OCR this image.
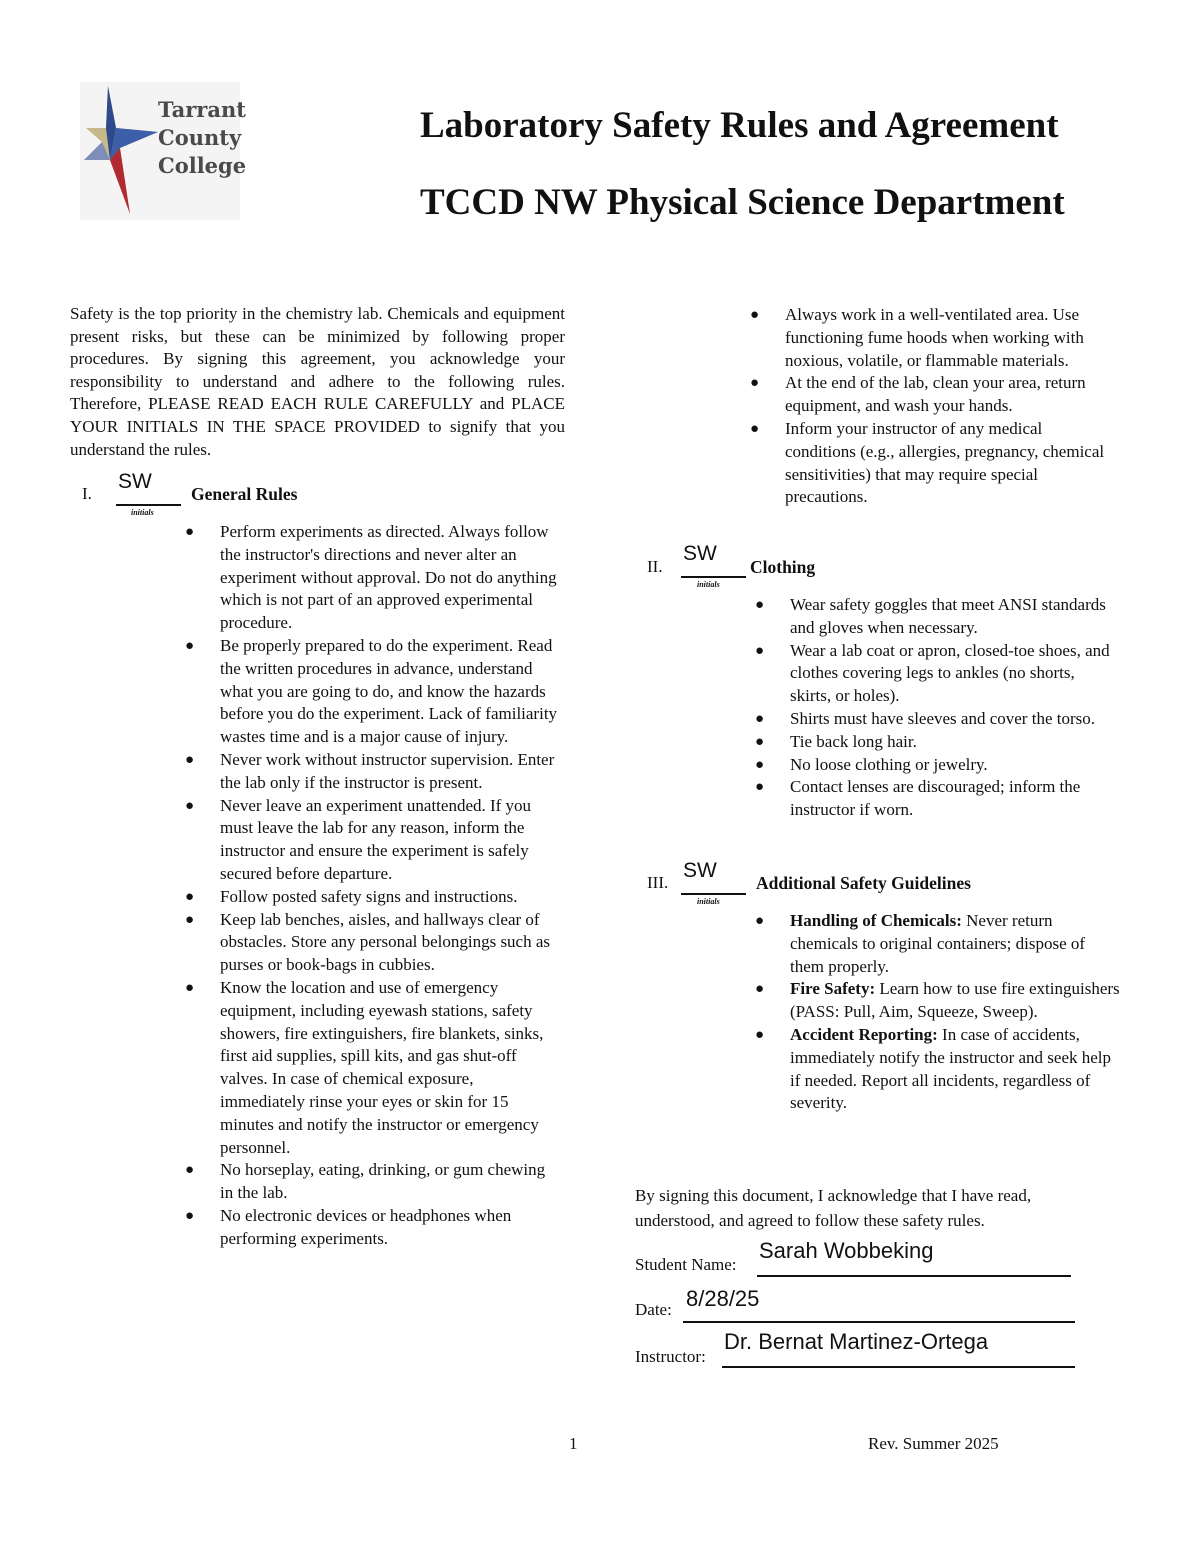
Tarrant
County
College
Laboratory Safety Rules and Agreement
TCCD NW Physical Science Department
Safety is the top priority in the chemistry lab. Chemicals and equipment present risks, but these can be minimized by following proper procedures. By signing this agreement, you acknowledge your responsibility to understand and adhere to the following rules. Therefore, PLEASE READ EACH RULE CAREFULLY and PLACE YOUR INITIALS IN THE SPACE PROVIDED to signify that you understand the rules.
I.
SW
initials
General Rules
● Perform experiments as directed. Always follow the instructor's directions and never alter an experiment without approval. Do not do anything which is not part of an approved experimental procedure.
● Be properly prepared to do the experiment. Read the written procedures in advance, understand what you are going to do, and know the hazards before you do the experiment. Lack of familiarity wastes time and is a major cause of injury.
● Never work without instructor supervision. Enter the lab only if the instructor is present.
● Never leave an experiment unattended. If you must leave the lab for any reason, inform the instructor and ensure the experiment is safely secured before departure.
● Follow posted safety signs and instructions.
● Keep lab benches, aisles, and hallways clear of obstacles. Store any personal belongings such as purses or book-bags in cubbies.
● Know the location and use of emergency equipment, including eyewash stations, safety showers, fire extinguishers, fire blankets, sinks, first aid supplies, spill kits, and gas shut-off valves. In case of chemical exposure, immediately rinse your eyes or skin for 15 minutes and notify the instructor or emergency personnel.
● No horseplay, eating, drinking, or gum chewing in the lab.
● No electronic devices or headphones when performing experiments.
● Always work in a well-ventilated area. Use functioning fume hoods when working with noxious, volatile, or flammable materials.
● At the end of the lab, clean your area, return equipment, and wash your hands.
● Inform your instructor of any medical conditions (e.g., allergies, pregnancy, chemical sensitivities) that may require special precautions.
II.
SW
initials
Clothing
● Wear safety goggles that meet ANSI standards and gloves when necessary.
● Wear a lab coat or apron, closed-toe shoes, and clothes covering legs to ankles (no shorts, skirts, or holes).
● Shirts must have sleeves and cover the torso.
● Tie back long hair.
● No loose clothing or jewelry.
● Contact lenses are discouraged; inform the instructor if worn.
III.
SW
initials
Additional Safety Guidelines
● Handling of Chemicals: Never return chemicals to original containers; dispose of them properly.
● Fire Safety: Learn how to use fire extinguishers (PASS: Pull, Aim, Squeeze, Sweep).
● Accident Reporting: In case of accidents, immediately notify the instructor and seek help if needed. Report all incidents, regardless of severity.
By signing this document, I acknowledge that I have read, understood, and agreed to follow these safety rules.
Student Name:
Sarah Wobbeking
Date: 8/28/25
Instructor:
Dr. Bernat Martinez-Ortega
1	Rev. Summer 2025
